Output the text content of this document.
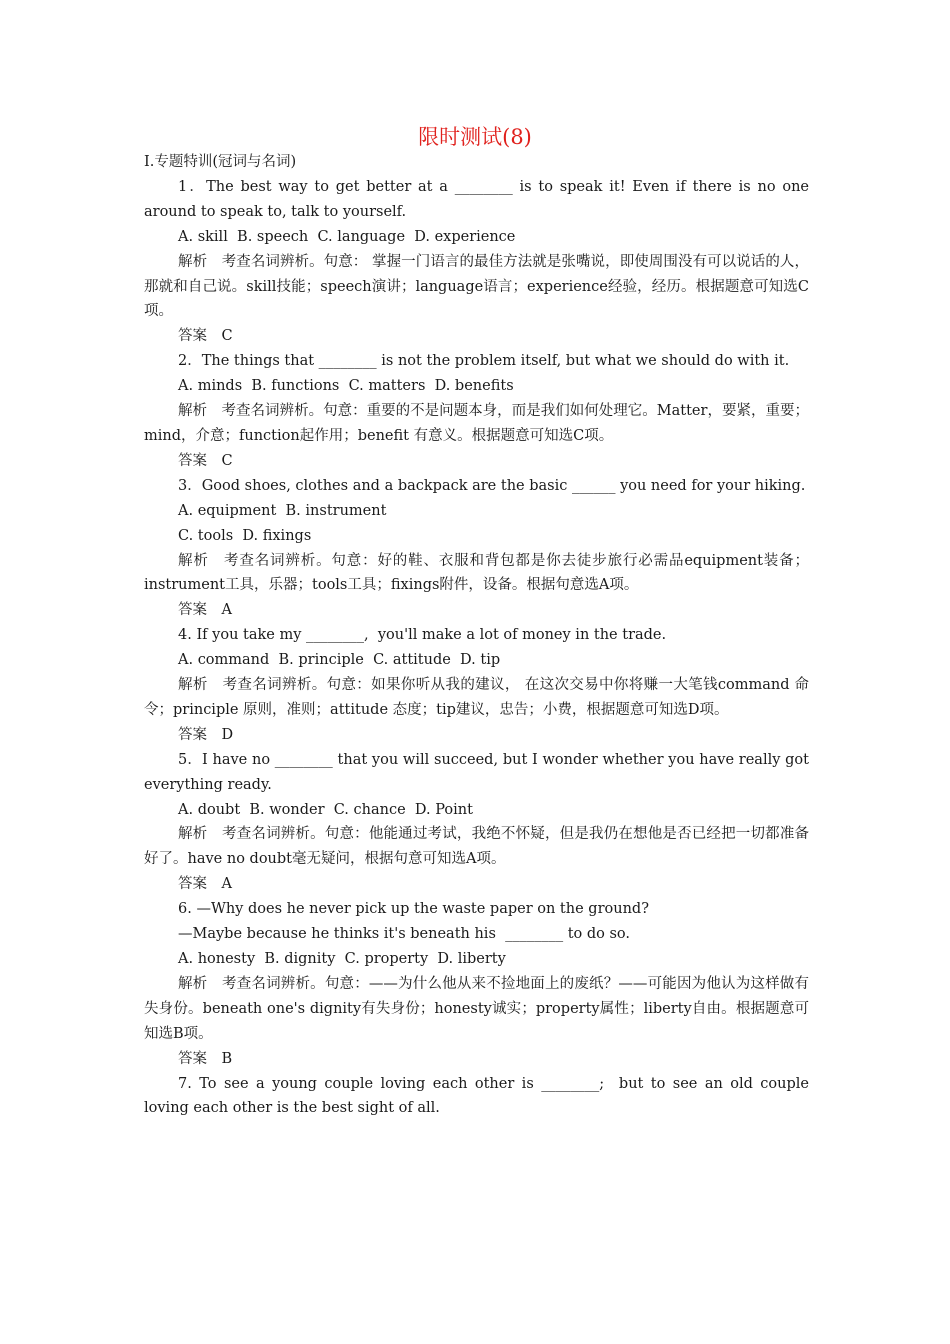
限时测试(8)

Ⅰ.专题特训(冠词与名词)

1．The best way to get better at a ________ is to speak it! Even if there is no one around to speak to, talk to yourself.

A. skill  B. speech  C. language  D. experience

解析　考查名词辨析。句意： 掌握一门语言的最佳方法就是张嘴说，即使周围没有可以说话的人，那就和自己说。skill技能；speech演讲；language语言；experience经验，经历。根据题意可知选C项。

答案　C

2．The things that ________ is not the problem itself, but what we should do with it.

A. minds  B. functions  C. matters  D. benefits

解析　考查名词辨析。句意：重要的不是问题本身，而是我们如何处理它。Matter，要紧，重要；mind，介意；function起作用；benefit 有意义。根据题意可知选C项。

答案　C

3．Good shoes, clothes and a backpack are the basic ______ you need for your hiking.

A. equipment  B. instrument

C. tools  D. fixings

解析　考查名词辨析。句意：好的鞋、衣服和背包都是你去徒步旅行必需品equipment装备；instrument工具，乐器；tools工具；fixings附件，设备。根据句意选A项。

答案　A

4. If you take my ________,  you'll make a lot of money in the trade.

A. command  B. principle  C. attitude  D. tip

解析　考查名词辨析。句意：如果你听从我的建议， 在这次交易中你将赚一大笔钱command 命令；principle 原则，准则；attitude 态度；tip建议，忠告；小费，根据题意可知选D项。

答案　D

5．I have no ________ that you will succeed, but I wonder whether you have really got everything ready.

A. doubt  B. wonder  C. chance  D. Point

解析　考查名词辨析。句意：他能通过考试，我绝不怀疑，但是我仍在想他是否已经把一切都准备好了。have no doubt毫无疑问，根据句意可知选A项。

答案　A

6. —Why does he never pick up the waste paper on the ground?

—Maybe because he thinks it's beneath his  ________ to do so.

A. honesty  B. dignity  C. property  D. liberty

解析　考查名词辨析。句意：——为什么他从来不捡地面上的废纸？——可能因为他认为这样做有失身份。beneath one's dignity有失身份；honesty诚实；property属性；liberty自由。根据题意可知选B项。

答案　B

7. To see a young couple loving each other is ________;  but to see an old couple loving each other is the best sight of all.
